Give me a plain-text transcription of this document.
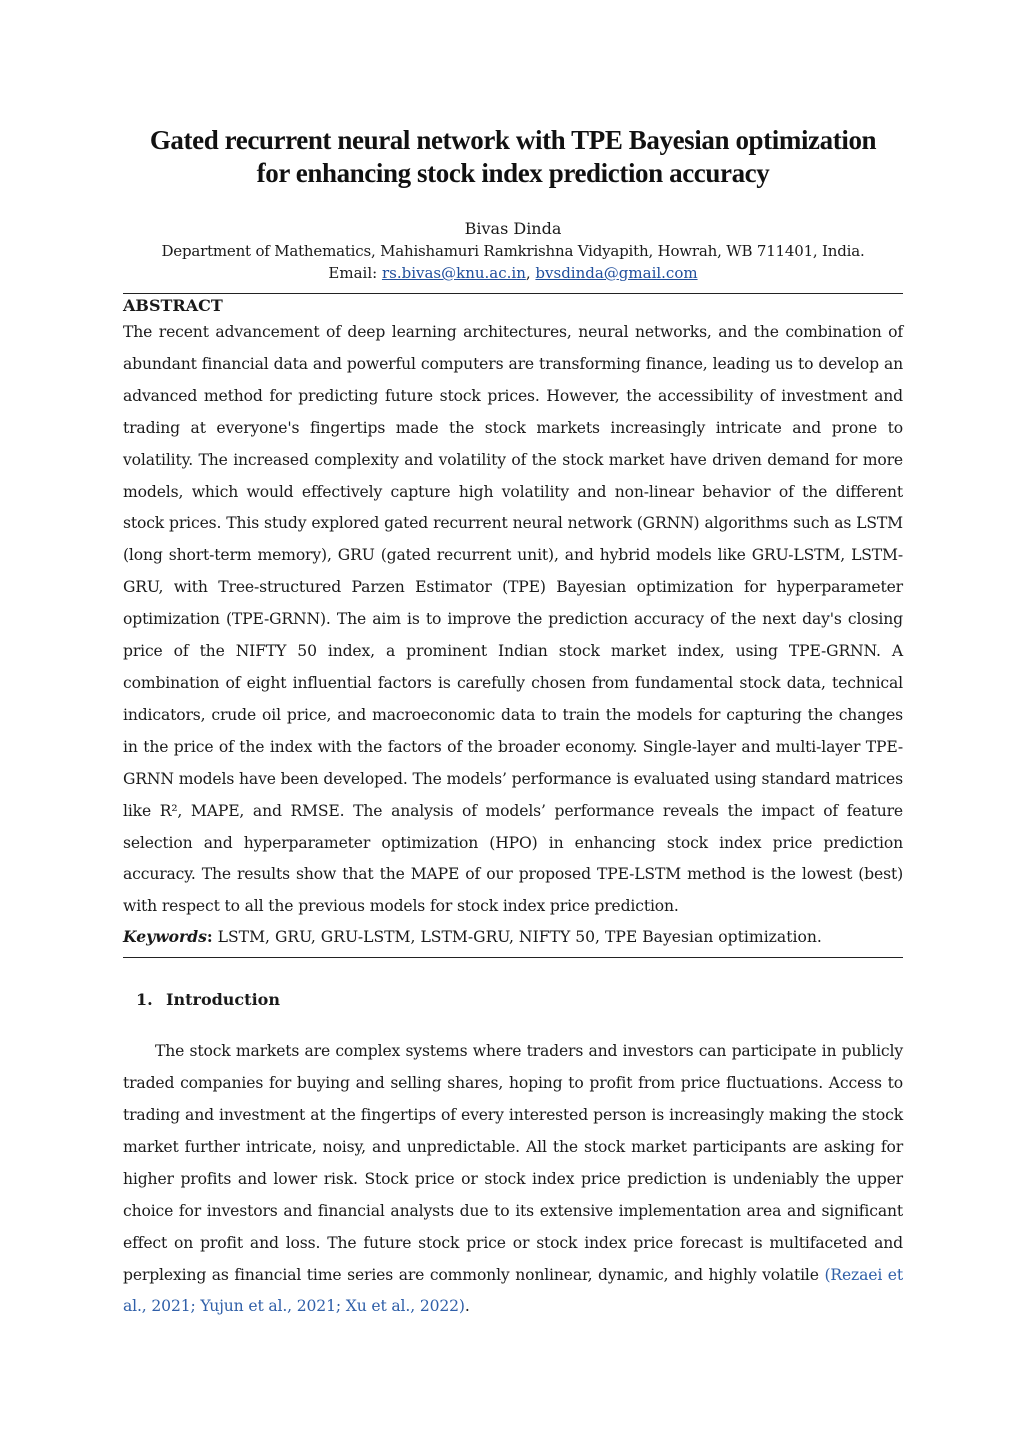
Gated recurrent neural network with TPE Bayesian optimization
for enhancing stock index prediction accuracy
Bivas Dinda
Department of Mathematics, Mahishamuri Ramkrishna Vidyapith, Howrah, WB 711401, India.
Email: rs.bivas@knu.ac.in, bvsdinda@gmail.com
ABSTRACT

The recent advancement of deep learning architectures, neural networks, and the combination of abundant financial data and powerful computers are transforming finance, leading us to develop an advanced method for predicting future stock prices. However, the accessibility of investment and trading at everyone's fingertips made the stock markets increasingly intricate and prone to volatility. The increased complexity and volatility of the stock market have driven demand for more models, which would effectively capture high volatility and non-linear behavior of the different stock prices. This study explored gated recurrent neural network (GRNN) algorithms such as LSTM (long short-term memory), GRU (gated recurrent unit), and hybrid models like GRU-LSTM, LSTM-GRU, with Tree-structured Parzen Estimator (TPE) Bayesian optimization for hyperparameter optimization (TPE-GRNN). The aim is to improve the prediction accuracy of the next day's closing price of the NIFTY 50 index, a prominent Indian stock market index, using TPE-GRNN. A combination of eight influential factors is carefully chosen from fundamental stock data, technical indicators, crude oil price, and macroeconomic data to train the models for capturing the changes in the price of the index with the factors of the broader economy. Single-layer and multi-layer TPE-GRNN models have been developed. The models’ performance is evaluated using standard matrices like R², MAPE, and RMSE. The analysis of models’ performance reveals the impact of feature selection and hyperparameter optimization (HPO) in enhancing stock index price prediction accuracy. The results show that the MAPE of our proposed TPE-LSTM method is the lowest (best) with respect to all the previous models for stock index price prediction.

Keywords: LSTM, GRU, GRU-LSTM, LSTM-GRU, NIFTY 50, TPE Bayesian optimization.

1. Introduction

The stock markets are complex systems where traders and investors can participate in publicly traded companies for buying and selling shares, hoping to profit from price fluctuations. Access to trading and investment at the fingertips of every interested person is increasingly making the stock market further intricate, noisy, and unpredictable. All the stock market participants are asking for higher profits and lower risk. Stock price or stock index price prediction is undeniably the upper choice for investors and financial analysts due to its extensive implementation area and significant effect on profit and loss. The future stock price or stock index price forecast is multifaceted and perplexing as financial time series are commonly nonlinear, dynamic, and highly volatile (Rezaei et al., 2021; Yujun et al., 2021; Xu et al., 2022).
